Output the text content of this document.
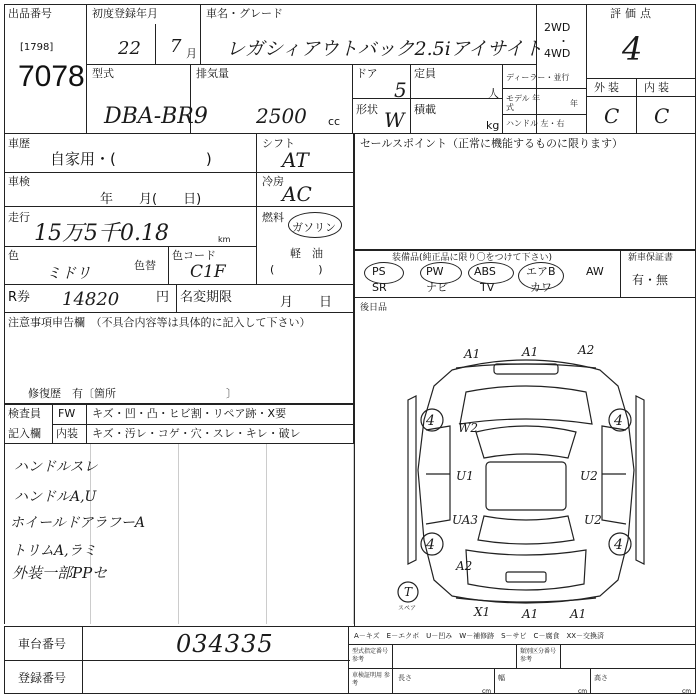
出品番号
[1798]
7078
初度登録年月
22 7 月
車名・グレード
レガシィアウトバック2.5iアイサイト
2WD
・
4WD
評価点
4
外装 内装
C C
型式
DBA-BR9
排気量
2500 cc
ドア
5
形状 W
定員
人
積載
kg
ディーラー・並行
モデル 年式	年
ハンドル 左・右
車歴
自家用・(　　　　　　)
車検
年　　月(　　日)
走行
15万5千0.18	km
色
ミドリ	色替
色コード
C1F
R券 14820	円 名変期限	月　　日
注意事項申告欄　（不具合内容等は具体的に記入して下さい）
修復歴　有〔箇所　　　　　　　　　　〕
シフト
AT
冷房
AC
燃料
ガソリン
軽　油
(　　　　)
セールスポイント（正常に機能するものに限ります）
装備品(純正品に限り〇をつけて下さい)	新車保証書
有・無
PS	PW	ABS	エアB	AW
SR	ナビ	TV	カワ
後日品
検査員
記入欄
FW キズ・凹・凸・ヒビ割・リペア跡・X要
内装 キズ・汚レ・コゲ・穴・スレ・キレ・破レ
ハンドルスレ
ハンドルA,U
ホイールドアラフーA
トリムA,ラミ
外装一部PPセ
A1	A1	A2
4 W2
U1	U2
UA3	U2
4
4
A2
4
X1	A1	A1
T
スペア
車台番号	034335
登録番号
A－キズ　E－エクボ　U－凹み　W－補修跡　S－サビ　C－腐食　XX－交換済
型式指定番号 参考
類別区分番号 参考
車検証明用 参考
長さ	幅	高さ
cm	cm	cm
